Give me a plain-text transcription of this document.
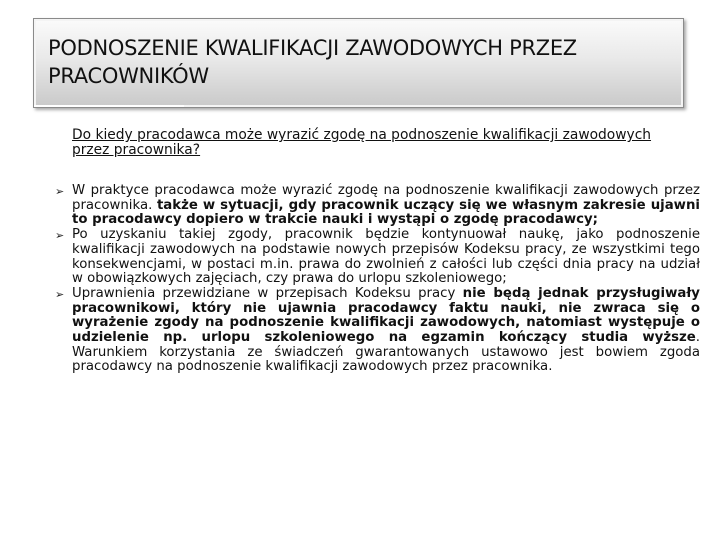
PODNOSZENIE KWALIFIKACJI ZAWODOWYCH PRZEZ PRACOWNIKÓW

Do kiedy pracodawca może wyrazić zgodę na podnoszenie kwalifikacji zawodowych przez pracownika?

➢ W praktyce pracodawca może wyrazić zgodę na podnoszenie kwalifikacji zawodowych przez pracownika. także w sytuacji, gdy pracownik uczący się we własnym zakresie ujawni to pracodawcy dopiero w trakcie nauki i wystąpi o zgodę pracodawcy;
➢ Po uzyskaniu takiej zgody, pracownik będzie kontynuował naukę, jako podnoszenie kwalifikacji zawodowych na podstawie nowych przepisów Kodeksu pracy, ze wszystkimi tego konsekwencjami, w postaci m.in. prawa do zwolnień z całości lub części dnia pracy na udział w obowiązkowych zajęciach, czy prawa do urlopu szkoleniowego;
➢ Uprawnienia przewidziane w przepisach Kodeksu pracy nie będą jednak przysługiwały pracownikowi, który nie ujawnia pracodawcy faktu nauki, nie zwraca się o wyrażenie zgody na podnoszenie kwalifikacji zawodowych, natomiast występuje o udzielenie np. urlopu szkoleniowego na egzamin kończący studia wyższe. Warunkiem korzystania ze świadczeń gwarantowanych ustawowo jest bowiem zgoda pracodawcy na podnoszenie kwalifikacji zawodowych przez pracownika.
